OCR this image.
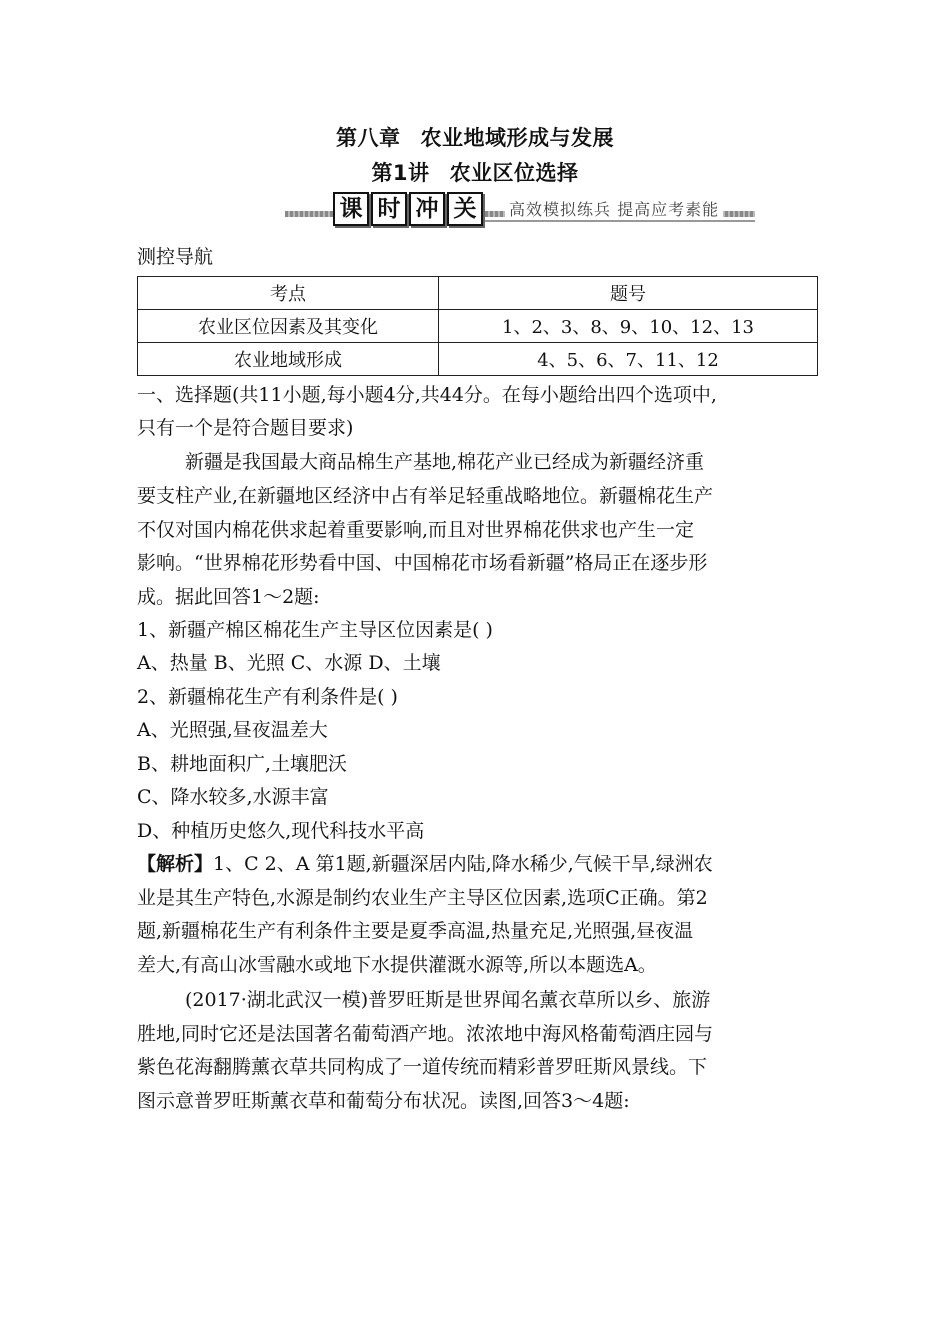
第八章 农业地域形成与发展
第1讲 农业区位选择
课 时 冲 关	高效模拟练兵 提高应考素能
测控导航
考点	题号
农业区位因素及其变化	1、2、3、8、9、10、12、13
农业地域形成	4、5、6、7、11、12
一、选择题(共11小题,每小题4分,共44分。在每小题给出四个选项中,
只有一个是符合题目要求)
新疆是我国最大商品棉生产基地,棉花产业已经成为新疆经济重
要支柱产业,在新疆地区经济中占有举足轻重战略地位。新疆棉花生产
不仅对国内棉花供求起着重要影响,而且对世界棉花供求也产生一定
影响。“世界棉花形势看中国、中国棉花市场看新疆”格局正在逐步形
成。据此回答1～2题:
1、新疆产棉区棉花生产主导区位因素是( )
A、热量 B、光照 C、水源 D、土壤
2、新疆棉花生产有利条件是( )
A、光照强,昼夜温差大
B、耕地面积广,土壤肥沃
C、降水较多,水源丰富
D、种植历史悠久,现代科技水平高
【解析】1、C 2、A 第1题,新疆深居内陆,降水稀少,气候干旱,绿洲农
业是其生产特色,水源是制约农业生产主导区位因素,选项C正确。第2
题,新疆棉花生产有利条件主要是夏季高温,热量充足,光照强,昼夜温
差大,有高山冰雪融水或地下水提供灌溉水源等,所以本题选A。
(2017·湖北武汉一模)普罗旺斯是世界闻名薰衣草所以乡、旅游
胜地,同时它还是法国著名葡萄酒产地。浓浓地中海风格葡萄酒庄园与
紫色花海翻腾薰衣草共同构成了一道传统而精彩普罗旺斯风景线。下
图示意普罗旺斯薰衣草和葡萄分布状况。读图,回答3～4题:
